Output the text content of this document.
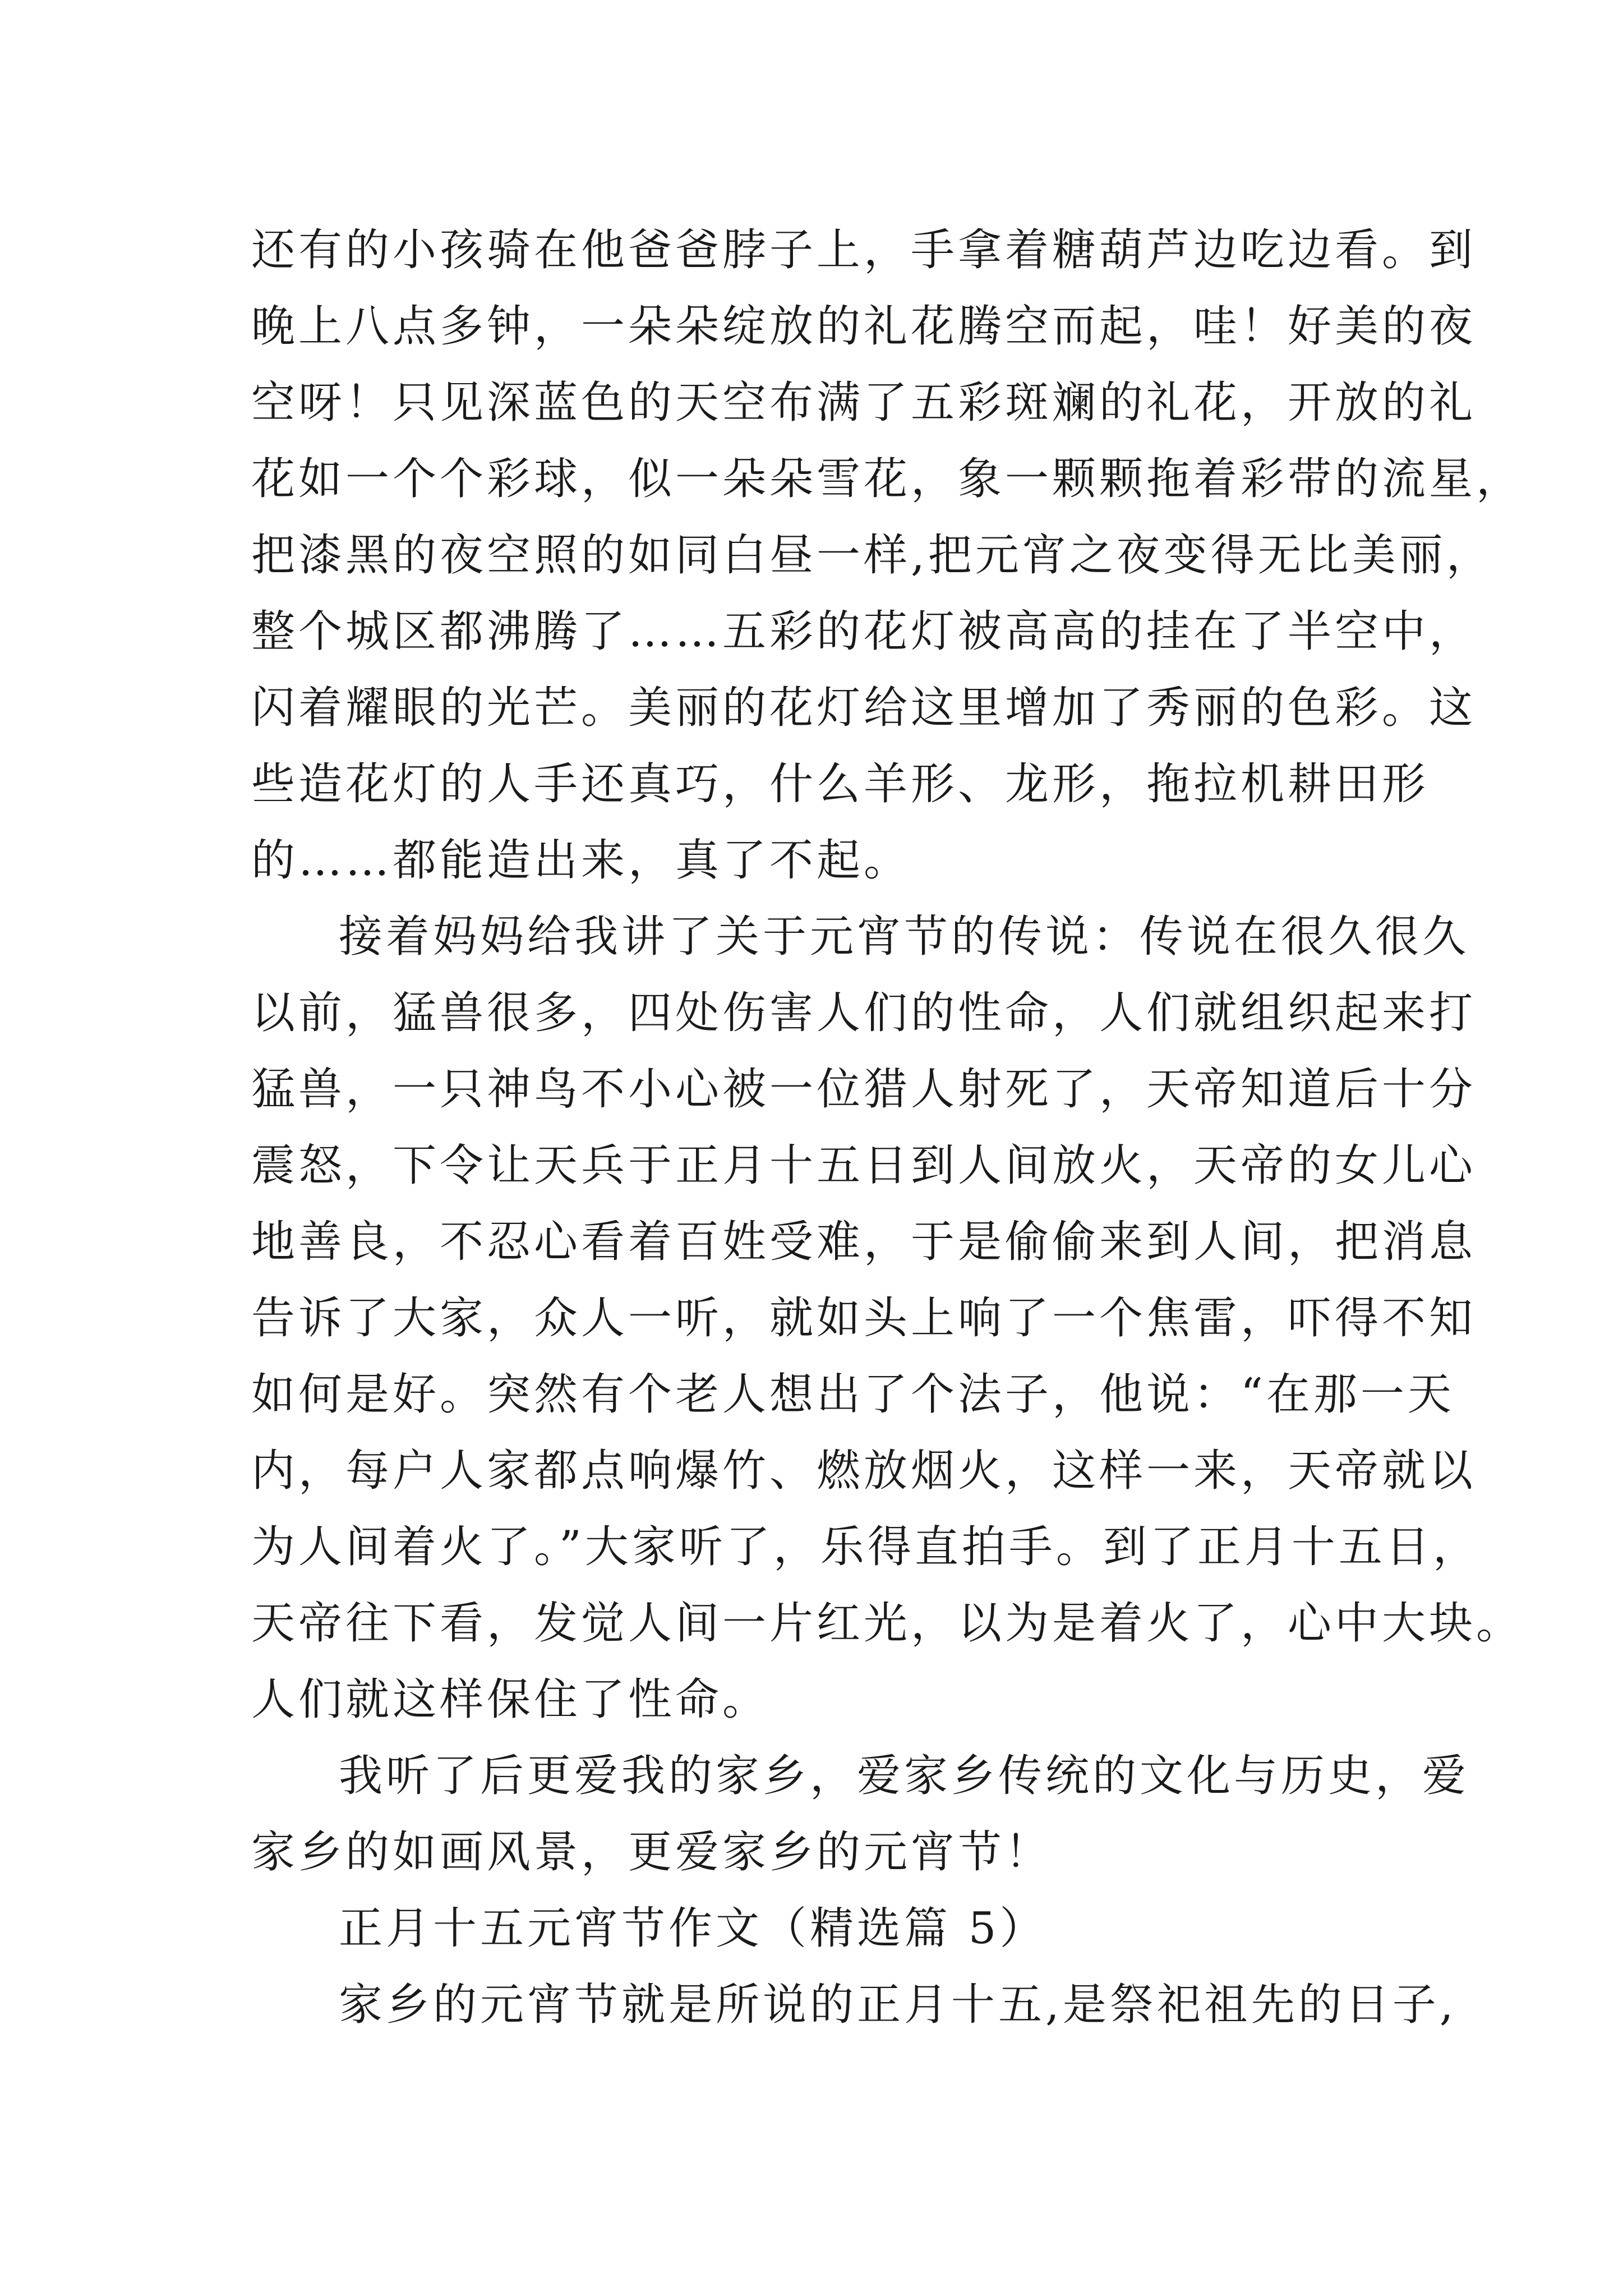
还有的小孩骑在他爸爸脖子上，手拿着糖葫芦边吃边看。到
晚上八点多钟，一朵朵绽放的礼花腾空而起，哇！好美的夜
空呀！只见深蓝色的天空布满了五彩斑斓的礼花，开放的礼
花如一个个彩球，似一朵朵雪花，象一颗颗拖着彩带的流星，
把漆黑的夜空照的如同白昼一样,把元宵之夜变得无比美丽，
整个城区都沸腾了……五彩的花灯被高高的挂在了半空中，
闪着耀眼的光芒。美丽的花灯给这里增加了秀丽的色彩。这
些造花灯的人手还真巧，什么羊形、龙形，拖拉机耕田形
的……都能造出来，真了不起。
接着妈妈给我讲了关于元宵节的传说：传说在很久很久
以前，猛兽很多，四处伤害人们的性命，人们就组织起来打
猛兽，一只神鸟不小心被一位猎人射死了，天帝知道后十分
震怒，下令让天兵于正月十五日到人间放火，天帝的女儿心
地善良，不忍心看着百姓受难，于是偷偷来到人间，把消息
告诉了大家，众人一听，就如头上响了一个焦雷，吓得不知
如何是好。突然有个老人想出了个法子，他说：“在那一天
内，每户人家都点响爆竹、燃放烟火，这样一来，天帝就以
为人间着火了。”大家听了，乐得直拍手。到了正月十五日，
天帝往下看，发觉人间一片红光，以为是着火了，心中大块。
人们就这样保住了性命。
我听了后更爱我的家乡，爱家乡传统的文化与历史，爱
家乡的如画风景，更爱家乡的元宵节！
正月十五元宵节作文（精选篇 5）
家乡的元宵节就是所说的正月十五,是祭祀祖先的日子,
